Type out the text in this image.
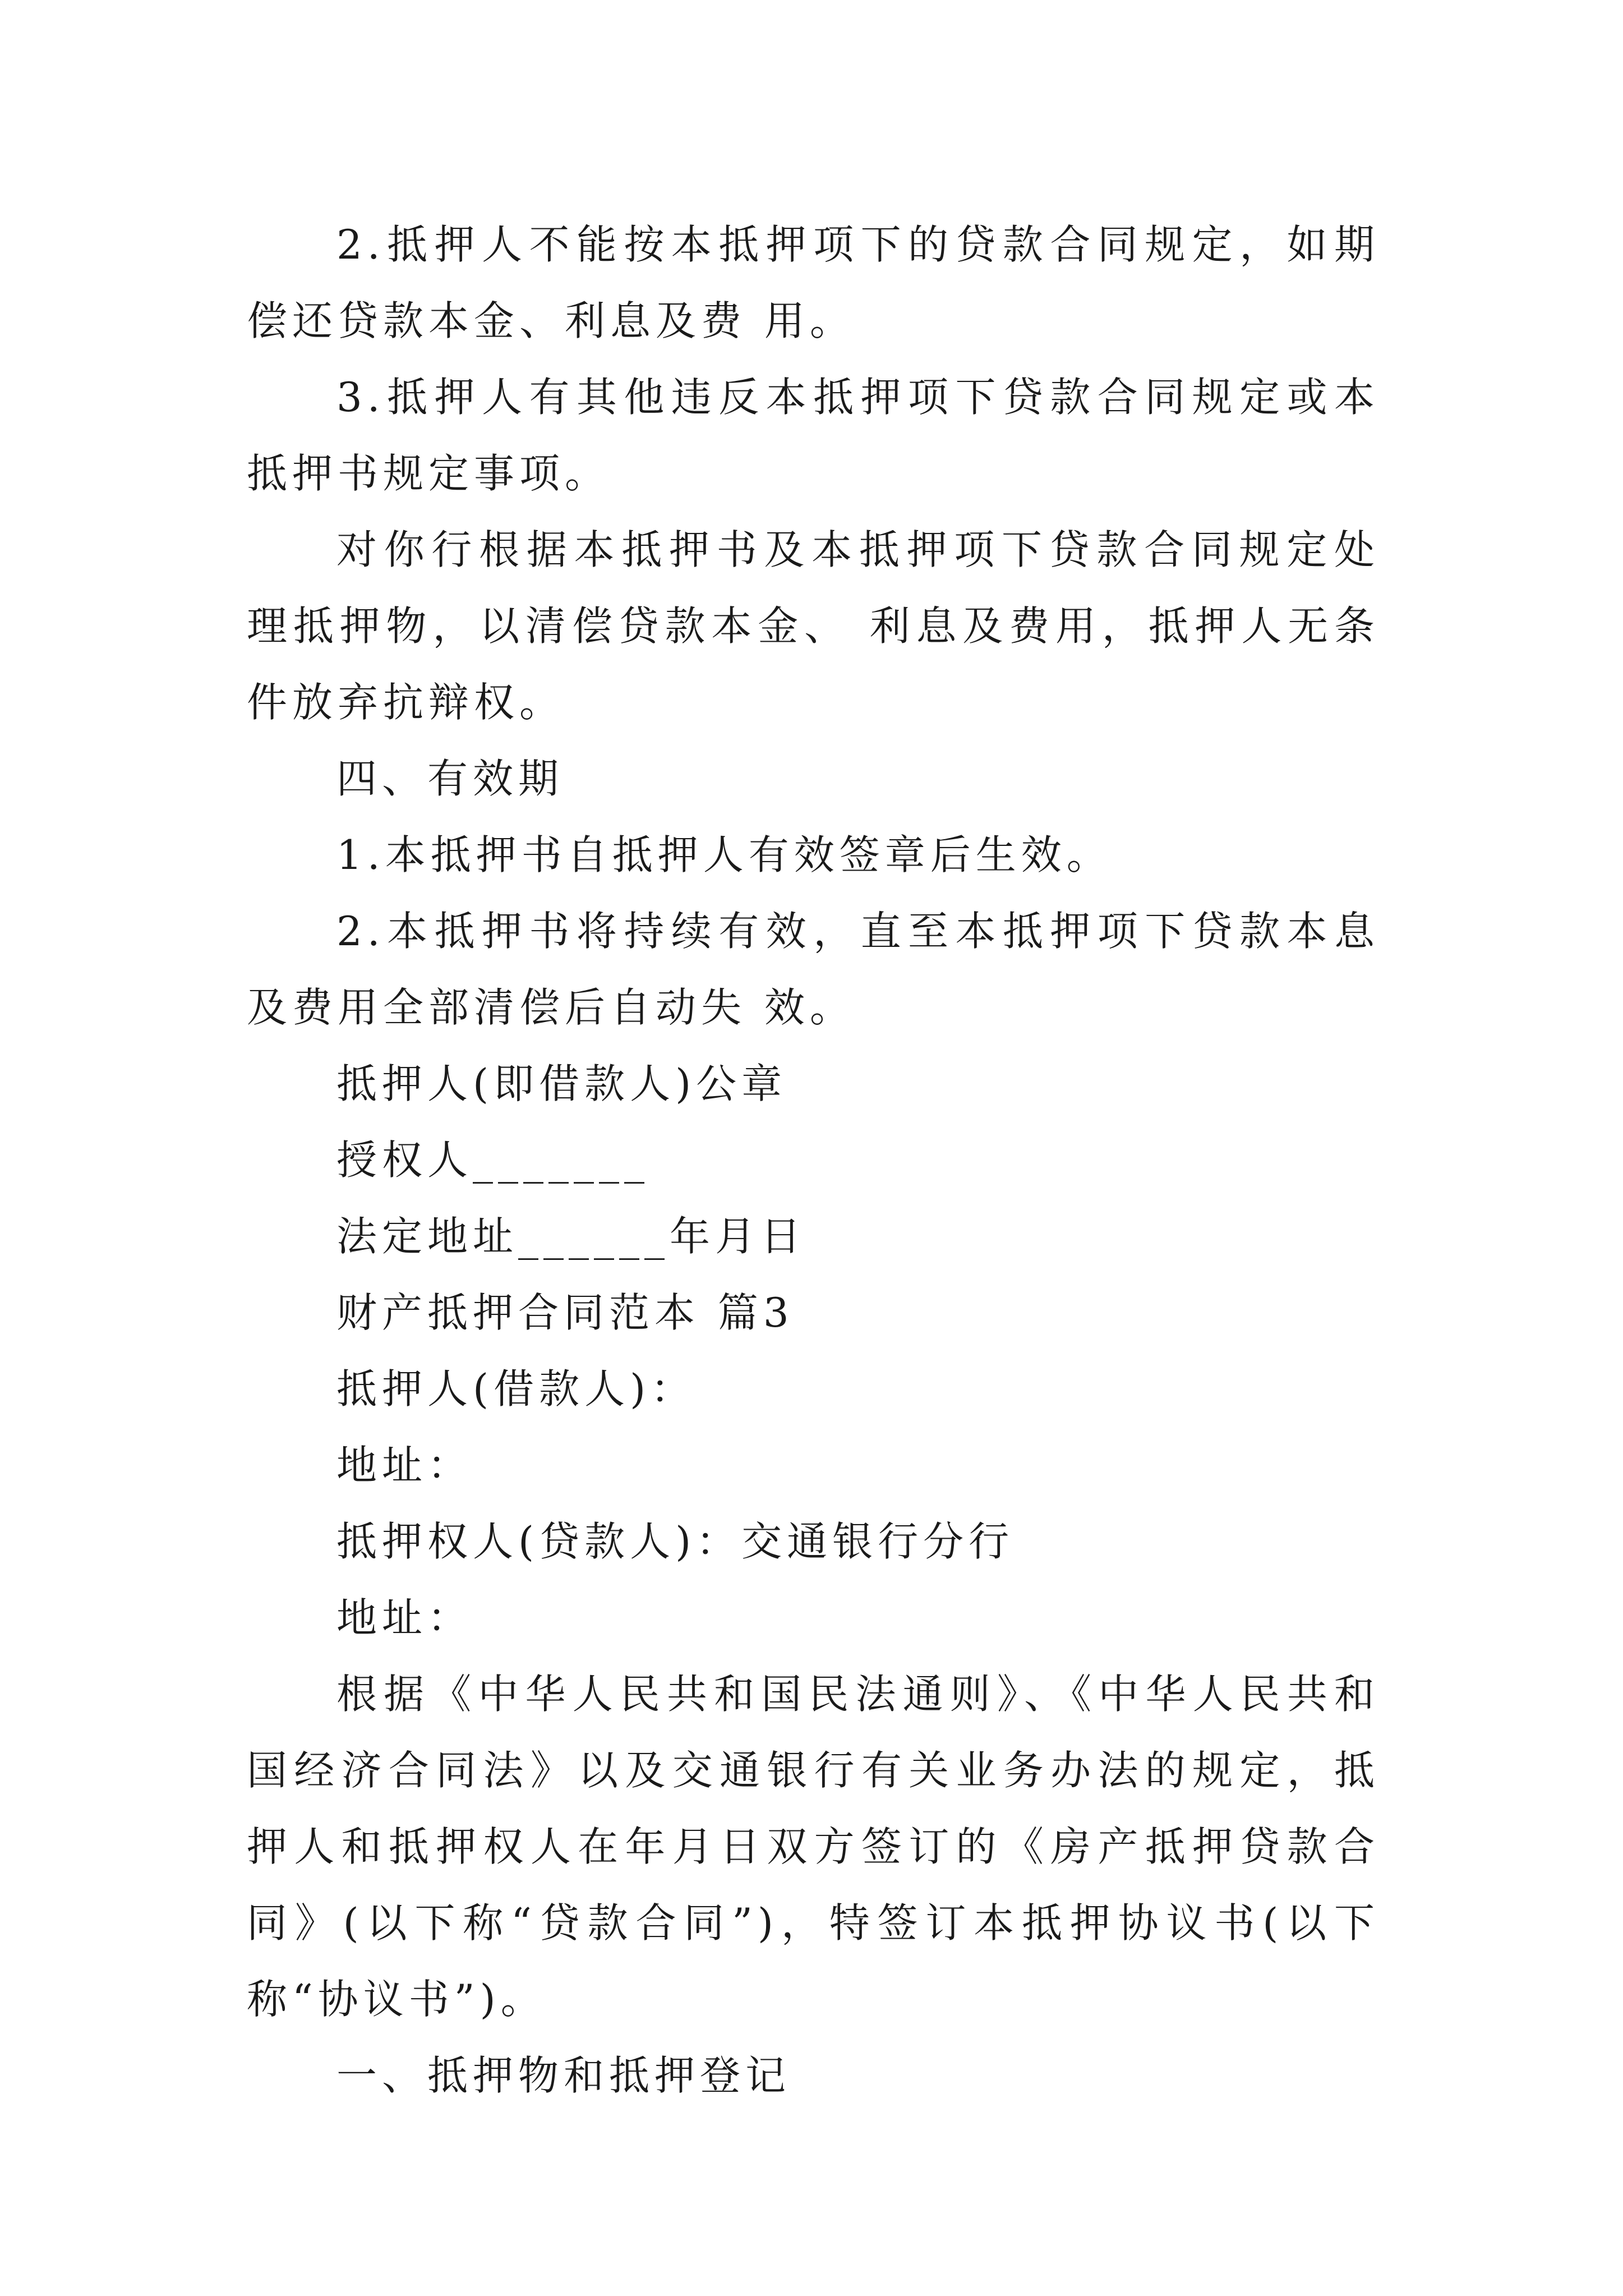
2.抵押人不能按本抵押项下的贷款合同规定，如期偿还贷款本金、利息及费 用。

3.抵押人有其他违反本抵押项下贷款合同规定或本抵押书规定事项。

对你行根据本抵押书及本抵押项下贷款合同规定处理抵押物，以清偿贷款本金、 利息及费用，抵押人无条件放弃抗辩权。

四、有效期

1.本抵押书自抵押人有效签章后生效。

2.本抵押书将持续有效，直至本抵押项下贷款本息及费用全部清偿后自动失 效。

抵押人(即借款人)公章

授权人_______

法定地址______年月日

财产抵押合同范本 篇3

抵押人(借款人)：

地址：

抵押权人(贷款人)：交通银行分行

地址：

根据《中华人民共和国民法通则》、《中华人民共和国经济合同法》以及交通银行有关业务办法的规定，抵押人和抵押权人在年月日双方签订的《房产抵押贷款合同》(以下称“贷款合同”)，特签订本抵押协议书(以下称“协议书”)。

一、抵押物和抵押登记
